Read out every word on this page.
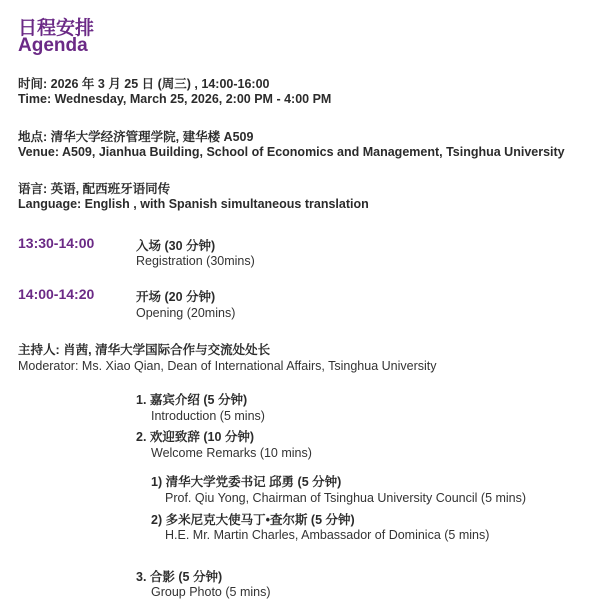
日程安排
Agenda
时间: 2026 年 3 月 25 日 (周三) , 14:00-16:00
Time: Wednesday, March 25, 2026, 2:00 PM - 4:00 PM
地点: 清华大学经济管理学院, 建华楼 A509
Venue: A509, Jianhua Building, School of Economics and Management, Tsinghua University
语言: 英语, 配西班牙语同传
Language: English , with Spanish simultaneous translation
13:30-14:00	入场 (30 分钟)
Registration (30mins)
14:00-14:20	开场 (20 分钟)
Opening (20mins)
主持人: 肖茜, 清华大学国际合作与交流处处长
Moderator: Ms. Xiao Qian, Dean of International Affairs, Tsinghua University
1. 嘉宾介绍 (5 分钟)
Introduction (5 mins)
2. 欢迎致辞 (10 分钟)
Welcome Remarks (10 mins)
1) 清华大学党委书记 邱勇 (5 分钟)
Prof. Qiu Yong, Chairman of Tsinghua University Council (5 mins)
2) 多米尼克大使马丁•查尔斯 (5 分钟)
H.E. Mr. Martin Charles, Ambassador of Dominica (5 mins)
3. 合影 (5 分钟)
Group Photo (5 mins)
